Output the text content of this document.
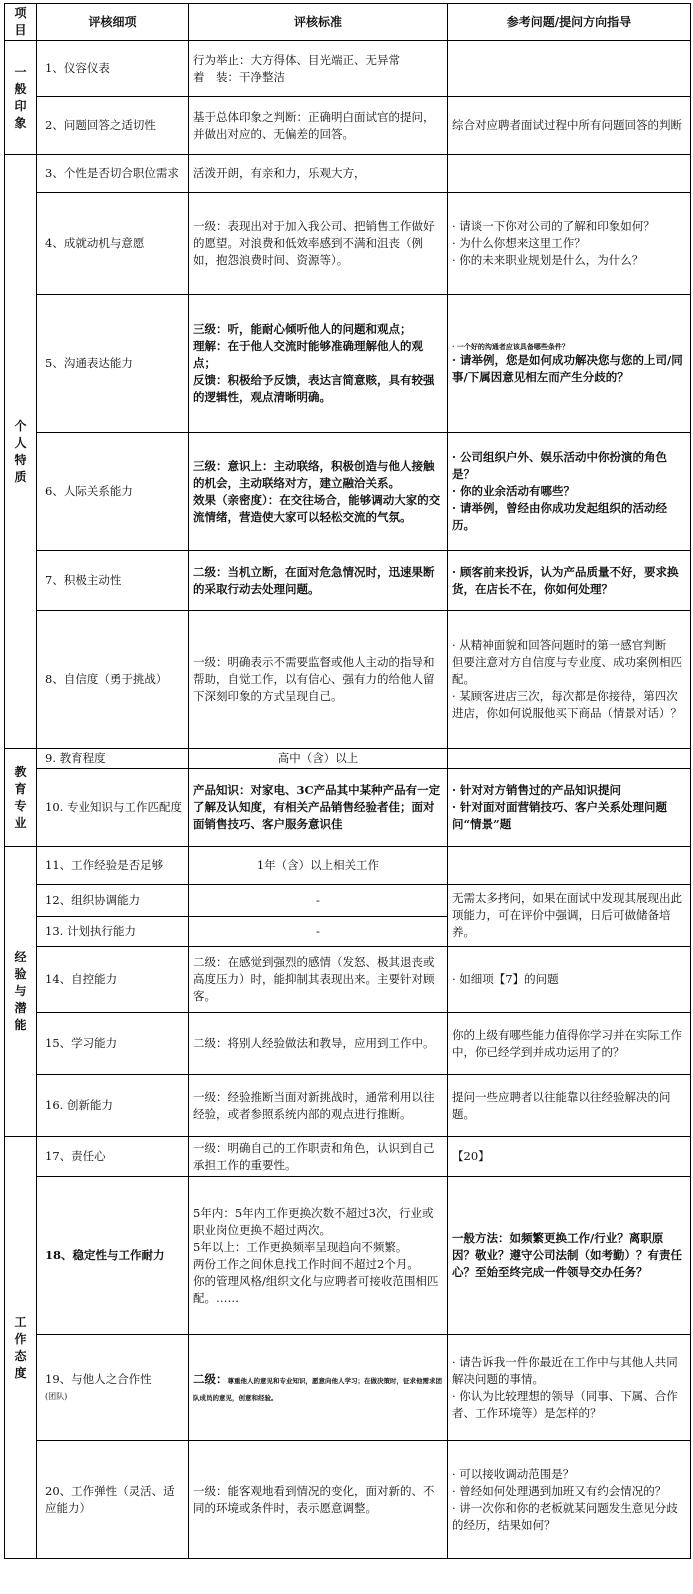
项目	评核细项	评核标准	参考问题/提问方向指导

一
般
印
象	1、仪容仪表	行为举止：大方得体、目光端正、无异常
着　装：干净整洁	

	2、问题回答之适切性	基于总体印象之判断：正确明白面试官的提问，并做出对应的、无偏差的回答。	综合对应聘者面试过程中所有问题回答的判断

个
人
特
质	3、个性是否切合职位需求	活泼开朗，有亲和力，乐观大方，	
	4、成就动机与意愿	一级：表现出对于加入我公司、把销售工作做好的愿望。对浪费和低效率感到不满和沮丧（例如，抱怨浪费时间、资源等）。	· 请谈一下你对公司的了解和印象如何？
· 为什么你想来这里工作？
· 你的未来职业规划是什么，为什么？

	5、沟通表达能力	三级：听，能耐心倾听他人的问题和观点；
理解：在于他人交流时能够准确理解他人的观点；
反馈：积极给予反馈，表达言简意赅，具有较强的逻辑性，观点清晰明确。	· 一个好的沟通者应该具备哪些条件？
· 请举例，您是如何成功解决您与您的上司/同事/下属因意见相左而产生分歧的？

	6、人际关系能力	三级：意识上：主动联络，积极创造与他人接触的机会，主动联络对方，建立融洽关系。
效果（亲密度）：在交往场合，能够调动大家的交流情绪，营造使大家可以轻松交流的气氛。	· 公司组织户外、娱乐活动中你扮演的角色是？
· 你的业余活动有哪些？
· 请举例，曾经由你成功发起组织的活动经历。

	7、积极主动性	二级：当机立断，在面对危急情况时，迅速果断的采取行动去处理问题。	· 顾客前来投诉，认为产品质量不好，要求换货，在店长不在，你如何处理？
	8、自信度（勇于挑战）	一级：明确表示不需要监督或他人主动的指导和帮助，自觉工作，以有信心、强有力的给他人留下深刻印象的方式呈现自己。	· 从精神面貌和回答问题时的第一感官判断
但要注意对方自信度与专业度、成功案例相匹配。
· 某顾客进店三次，每次都是你接待，第四次进店，你如何说服他买下商品（情景对话）？

教
育
专
业	9. 教育程度	高中（含）以上	
	10. 专业知识与工作匹配度	产品知识：对家电、3C产品其中某种产品有一定了解及认知度，有相关产品销售经验者佳；面对面销售技巧、客户服务意识佳	· 针对对方销售过的产品知识提问
· 针对面对面营销技巧、客户关系处理问题问“情景”题

经
验
与
潜
能	11、工作经验是否足够	1年（含）以上相关工作	
	12、组织协调能力	-	无需太多拷问，如果在面试中发现其展现出此项能力，可在评价中强调，日后可做储备培养。
	13. 计划执行能力	-	
	14、自控能力	二级：在感觉到强烈的感情（发怒、极其退丧或高度压力）时，能抑制其表现出来。主要针对顾客。	· 如细项【7】的问题
	15、学习能力	二级：将别人经验做法和教导，应用到工作中。	你的上级有哪些能力值得你学习并在实际工作中，你已经学到并成功运用了的？
	16. 创新能力	一级：经验推断当面对新挑战时，通常利用以往经验，或者参照系统内部的观点进行推断。	提问一些应聘者以往能靠以往经验解决的问题。

工
作
态
度	17、责任心	一级：明确自己的工作职责和角色，认识到自己承担工作的重要性。	【20】
	18、稳定性与工作耐力	5年内：5年内工作更换次数不超过3次，行业或职业岗位更换不超过两次。
5年以上：工作更换频率呈现趋向不频繁。
两份工作之间休息找工作时间不超过2个月。
你的管理风格/组织文化与应聘者可接收范围相匹配。……	一般方法：如频繁更换工作/行业？离职原因？敬业？遵守公司法制（如考勤）？有责任心？至始至终完成一件领导交办任务？
	19、与他人之合作性
(团队)	二级：尊重他人的意见和专业知识，愿意向他人学习；在做决策时，征求他需求团队成员的意见，创意和经验。	· 请告诉我一件你最近在工作中与其他人共同解决问题的事情。
· 你认为比较理想的领导（同事、下属、合作者、工作环境等）是怎样的？

	20、工作弹性（灵活、适应能力）	一级：能客观地看到情况的变化，面对新的、不同的环境或条件时，表示愿意调整。	· 可以接收调动范围是？
· 曾经如何处理遇到加班又有约会情况的？
· 讲一次你和你的老板就某问题发生意见分歧的经历，结果如何？
